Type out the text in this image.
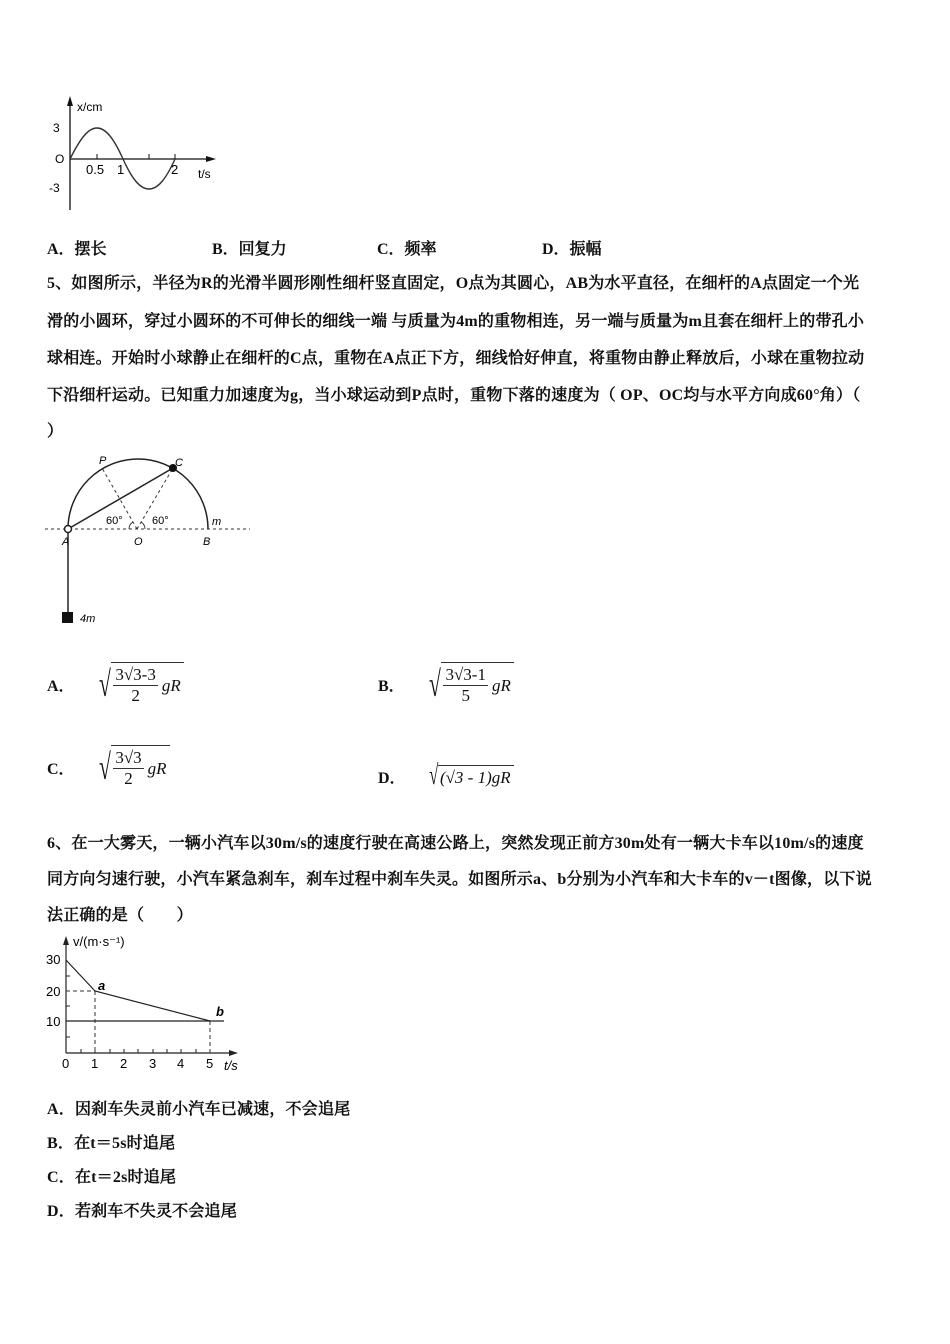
x/cm
3
O
-3
0.5 1	2 t/s
A．摆长	B．回复力	C．频率	D．振幅
5、如图所示，半径为R的光滑半圆形刚性细杆竖直固定，O点为其圆心，AB为水平直径，在细杆的A点固定一个光
滑的小圆环，穿过小圆环的不可伸长的细线一端 与质量为4m的重物相连，另一端与质量为m且套在细杆上的带孔小
球相连。开始时小球静止在细杆的C点，重物在A点正下方，细线恰好伸直，将重物由静止释放后，小球在重物拉动
下沿细杆运动。已知重力加速度为g，当小球运动到P点时，重物下落的速度为（ OP、OC均与水平方向成60°角）（
）
P	C
A	O	B
m
4m
60°	60°
A． √ $\frac{3√3-3}{2}$ gR	B． √ $\frac{3√3-1}{5}$ gR
C． √ $\frac{3√3}{2}$ gR
D． √ (√3 - 1)gR
6、在一大雾天，一辆小汽车以30m/s的速度行驶在高速公路上，突然发现正前方30m处有一辆大卡车以10m/s的速度
同方向匀速行驶，小汽车紧急刹车，刹车过程中刹车失灵。如图所示a、b分别为小汽车和大卡车的v－t图像，以下说
法正确的是（　　）
v/(m·s⁻¹)
30
20
10
0 1 2 3 4 5 t/s
a
b
A．因刹车失灵前小汽车已减速，不会追尾
B．在t＝5s时追尾
C．在t＝2s时追尾
D．若刹车不失灵不会追尾
